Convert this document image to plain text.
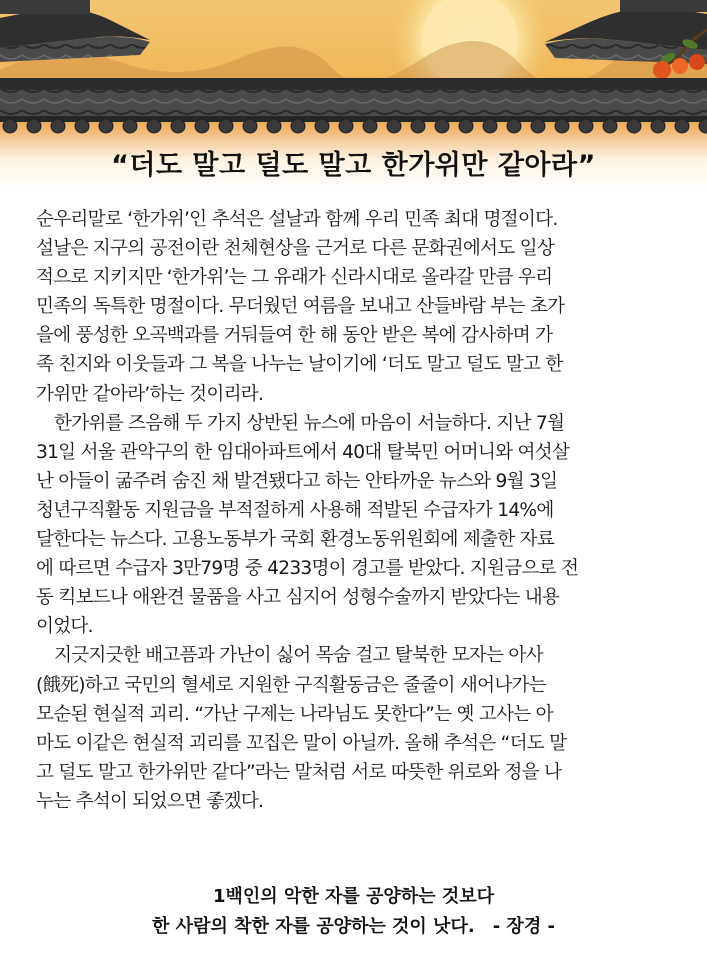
“더도 말고 덜도 말고 한가위만 같아라”

순우리말로 ‘한가위’인 추석은 설날과 함께 우리 민족 최대 명절이다.
설날은 지구의 공전이란 천체현상을 근거로 다른 문화권에서도 일상
적으로 지키지만 ‘한가위’는 그 유래가 신라시대로 올라갈 만큼 우리
민족의 독특한 명절이다. 무더웠던 여름을 보내고 산들바람 부는 초가
을에 풍성한 오곡백과를 거둬들여 한 해 동안 받은 복에 감사하며 가
족 친지와 이웃들과 그 복을 나누는 날이기에 ‘더도 말고 덜도 말고 한
가위만 같아라’하는 것이리라.

한가위를 즈음해 두 가지 상반된 뉴스에 마음이 서늘하다. 지난 7월
31일 서울 관악구의 한 임대아파트에서 40대 탈북민 어머니와 여섯살
난 아들이 굶주려 숨진 채 발견됐다고 하는 안타까운 뉴스와 9월 3일
청년구직활동 지원금을 부적절하게 사용해 적발된 수급자가 14%에
달한다는 뉴스다. 고용노동부가 국회 환경노동위원회에 제출한 자료
에 따르면 수급자 3만79명 중 4233명이 경고를 받았다. 지원금으로 전
동 킥보드나 애완견 물품을 사고 심지어 성형수술까지 받았다는 내용
이었다.

지긋지긋한 배고픔과 가난이 싫어 목숨 걸고 탈북한 모자는 아사
(餓死)하고 국민의 혈세로 지원한 구직활동금은 줄줄이 새어나가는
모순된 현실적 괴리. “가난 구제는 나라님도 못한다”는 옛 고사는 아
마도 이같은 현실적 괴리를 꼬집은 말이 아닐까. 올해 추석은 “더도 말
고 덜도 말고 한가위만 같다”라는 말처럼 서로 따뜻한 위로와 정을 나
누는 추석이 되었으면 좋겠다.

1백인의 악한 자를 공양하는 것보다
한 사람의 착한 자를 공양하는 것이 낫다. - 장경 -
